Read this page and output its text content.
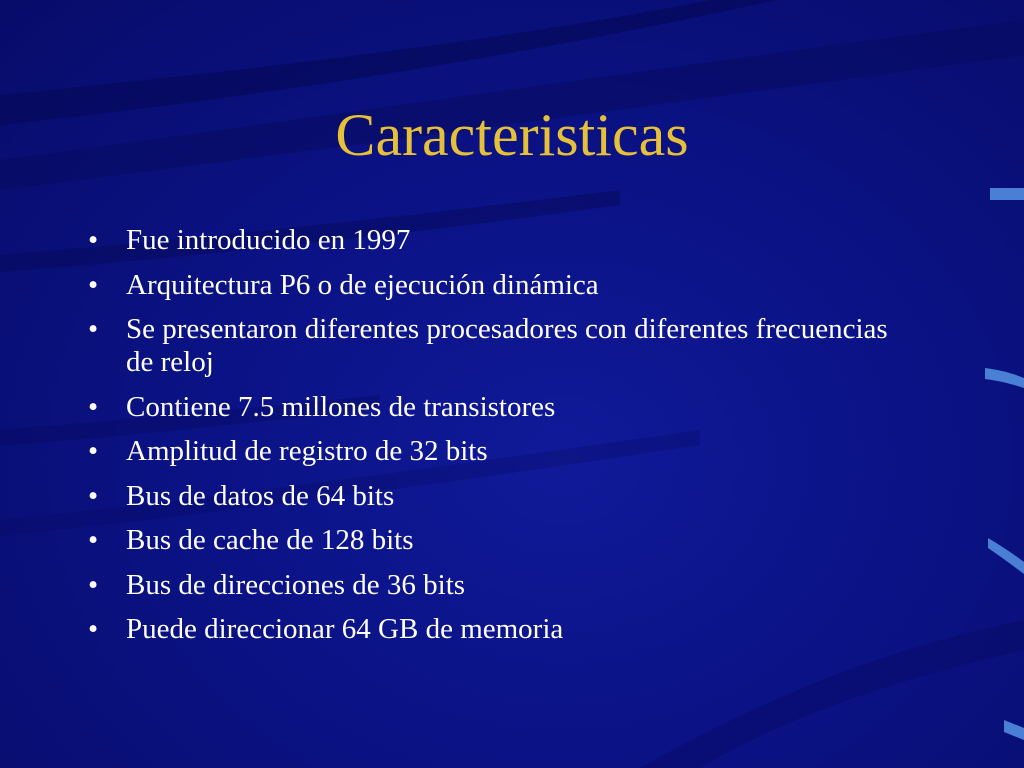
Caracteristicas
• Fue introducido en 1997
• Arquitectura P6 o de ejecución dinámica
• Se presentaron diferentes procesadores con diferentes frecuencias de reloj
• Contiene 7.5 millones de transistores
• Amplitud de registro de 32 bits
• Bus de datos de 64 bits
• Bus de cache de 128 bits
• Bus de direcciones de 36 bits
• Puede direccionar 64 GB de memoria
